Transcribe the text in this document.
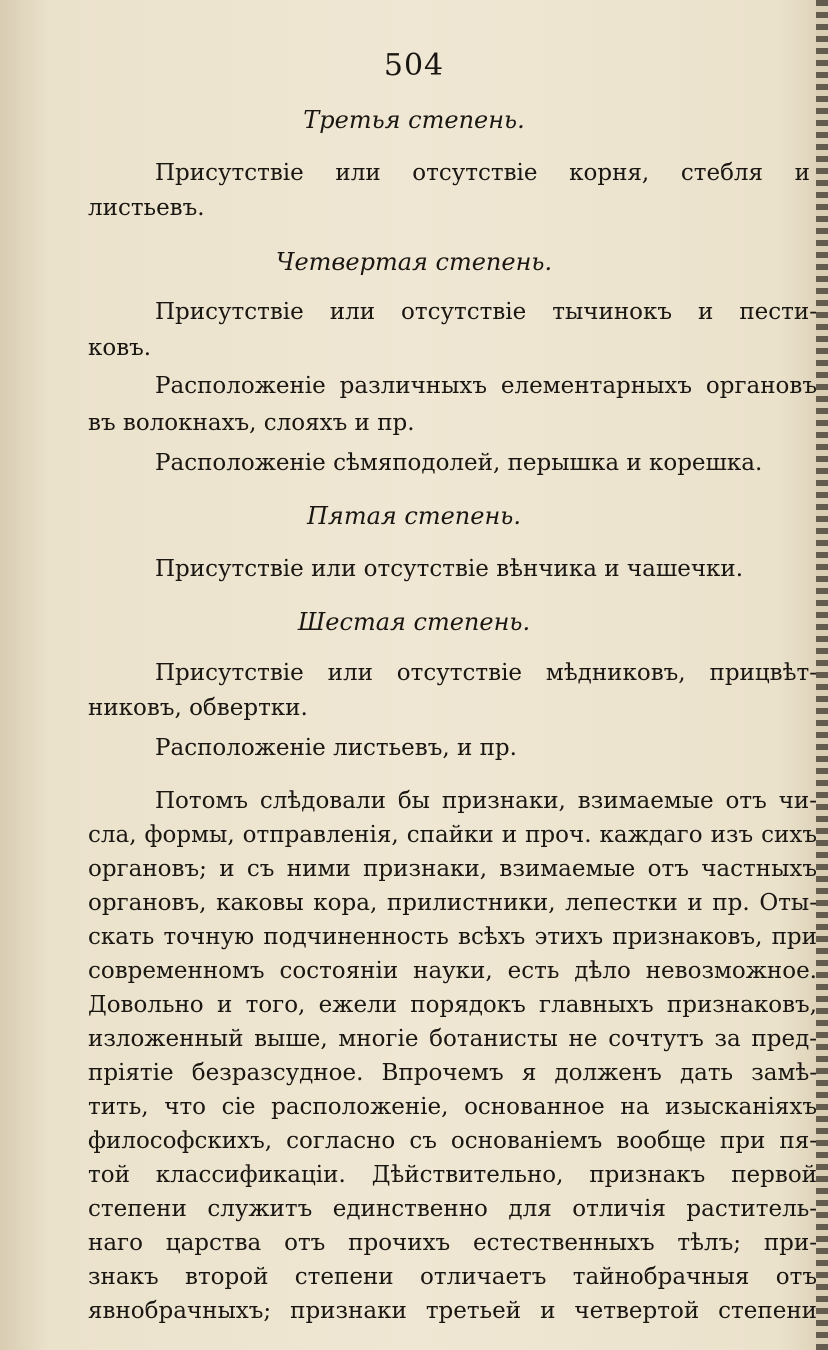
504
Третья степень.
Присутствіе или отсутствіе корня, стебля и
листьевъ.
Четвертая степень.
Присутствіе или отсутствіе тычинокъ и пести-
ковъ.
Расположеніе различныхъ елементарныхъ органовъ
въ волокнахъ, слояхъ и пр.
Расположеніе сѣмяподолей, перышка и корешка.
Пятая степень.
Присутствіе или отсутствіе вѣнчика и чашечки.
Шестая степень.
Присутствіе или отсутствіе мѣдниковъ, прицвѣт-
никовъ, обвертки.
Расположеніе листьевъ, и пр.
Потомъ слѣдовали бы признаки, взимаемые отъ чи-
сла, формы, отправленія, спайки и проч. каждаго изъ сихъ
органовъ; и съ ними признаки, взимаемые отъ частныхъ
органовъ, каковы кора, прилистники, лепестки и пр. Оты-
скать точную подчиненность всѣхъ этихъ признаковъ, при
современномъ состояніи науки, есть дѣло невозможное.
Довольно и того, ежели порядокъ главныхъ признаковъ,
изложенный выше, многіе ботанисты не сочтутъ за пред-
пріятіе безразсудное. Впрочемъ я долженъ дать замѣ-
тить, что сіе расположеніе, основанное на изысканіяхъ
философскихъ, согласно съ основаніемъ вообще при пя-
той классификаціи. Дѣйствительно, признакъ первой
степени служитъ единственно для отличія раститель-
наго царства отъ прочихъ естественныхъ тѣлъ; при-
знакъ второй степени отличаетъ тайнобрачныя отъ
явнобрачныхъ; признаки третьей и четвертой степени
